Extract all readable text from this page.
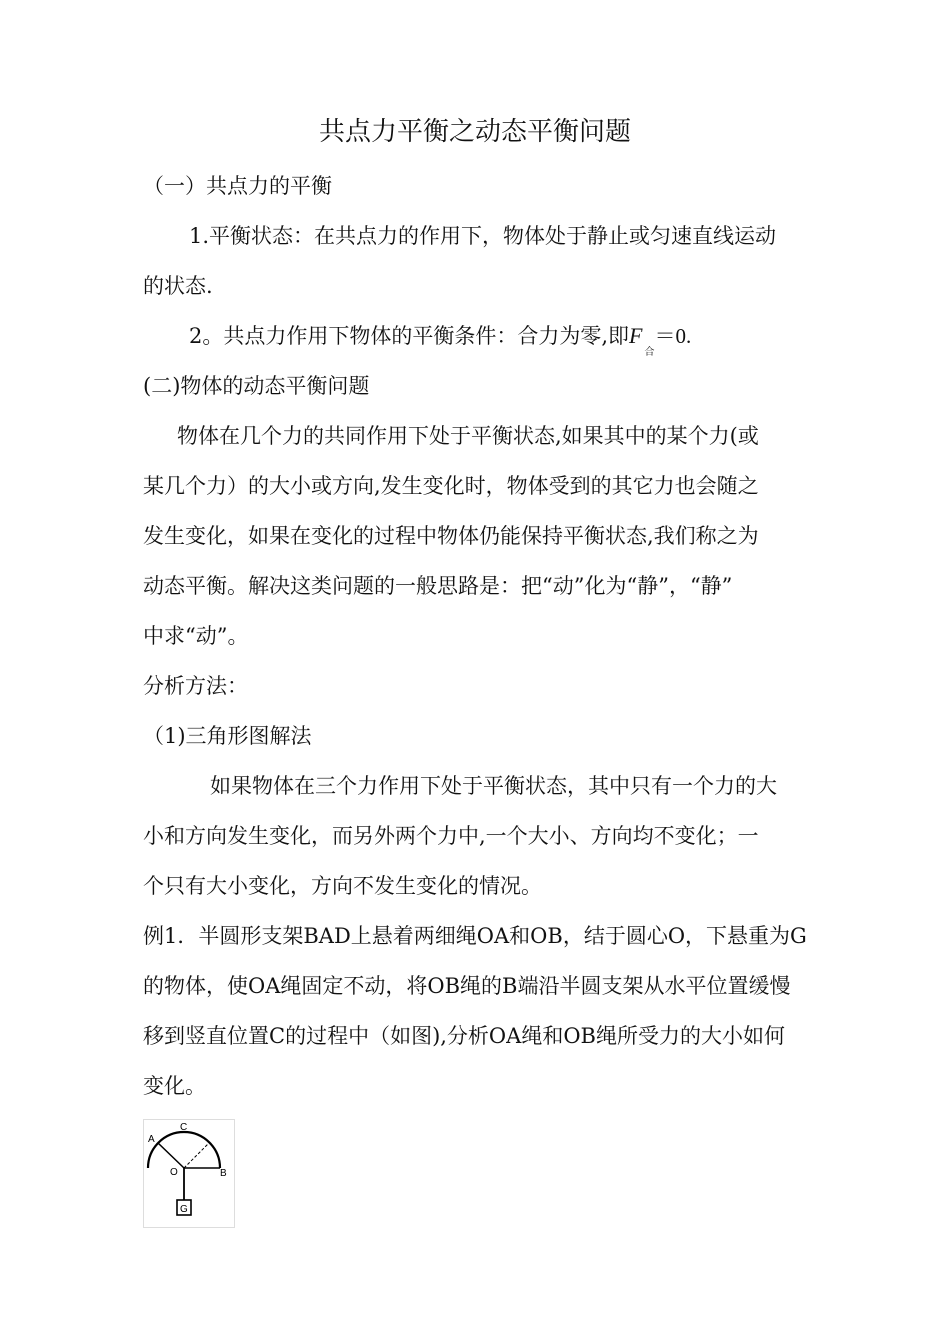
共点力平衡之动态平衡问题
（一）共点力的平衡
1.平衡状态：在共点力的作用下，物体处于静止或匀速直线运动
的状态.
2。共点力作用下物体的平衡条件：合力为零,即$F_合=0$.
(二)物体的动态平衡问题
物体在几个力的共同作用下处于平衡状态,如果其中的某个力(或
某几个力）的大小或方向,发生变化时，物体受到的其它力也会随之
发生变化，如果在变化的过程中物体仍能保持平衡状态,我们称之为
动态平衡。解决这类问题的一般思路是：把“动”化为“静”，“静”
中求“动”。
分析方法：
（1)三角形图解法
如果物体在三个力作用下处于平衡状态，其中只有一个力的大
小和方向发生变化，而另外两个力中,一个大小、方向均不变化；一
个只有大小变化，方向不发生变化的情况。
例1．半圆形支架BAD上悬着两细绳OA和OB，结于圆心O，下悬重为G
的物体，使OA绳固定不动，将OB绳的B端沿半圆支架从水平位置缓慢
移到竖直位置C的过程中（如图),分析OA绳和OB绳所受力的大小如何
变化。
A
C
O	B
G
